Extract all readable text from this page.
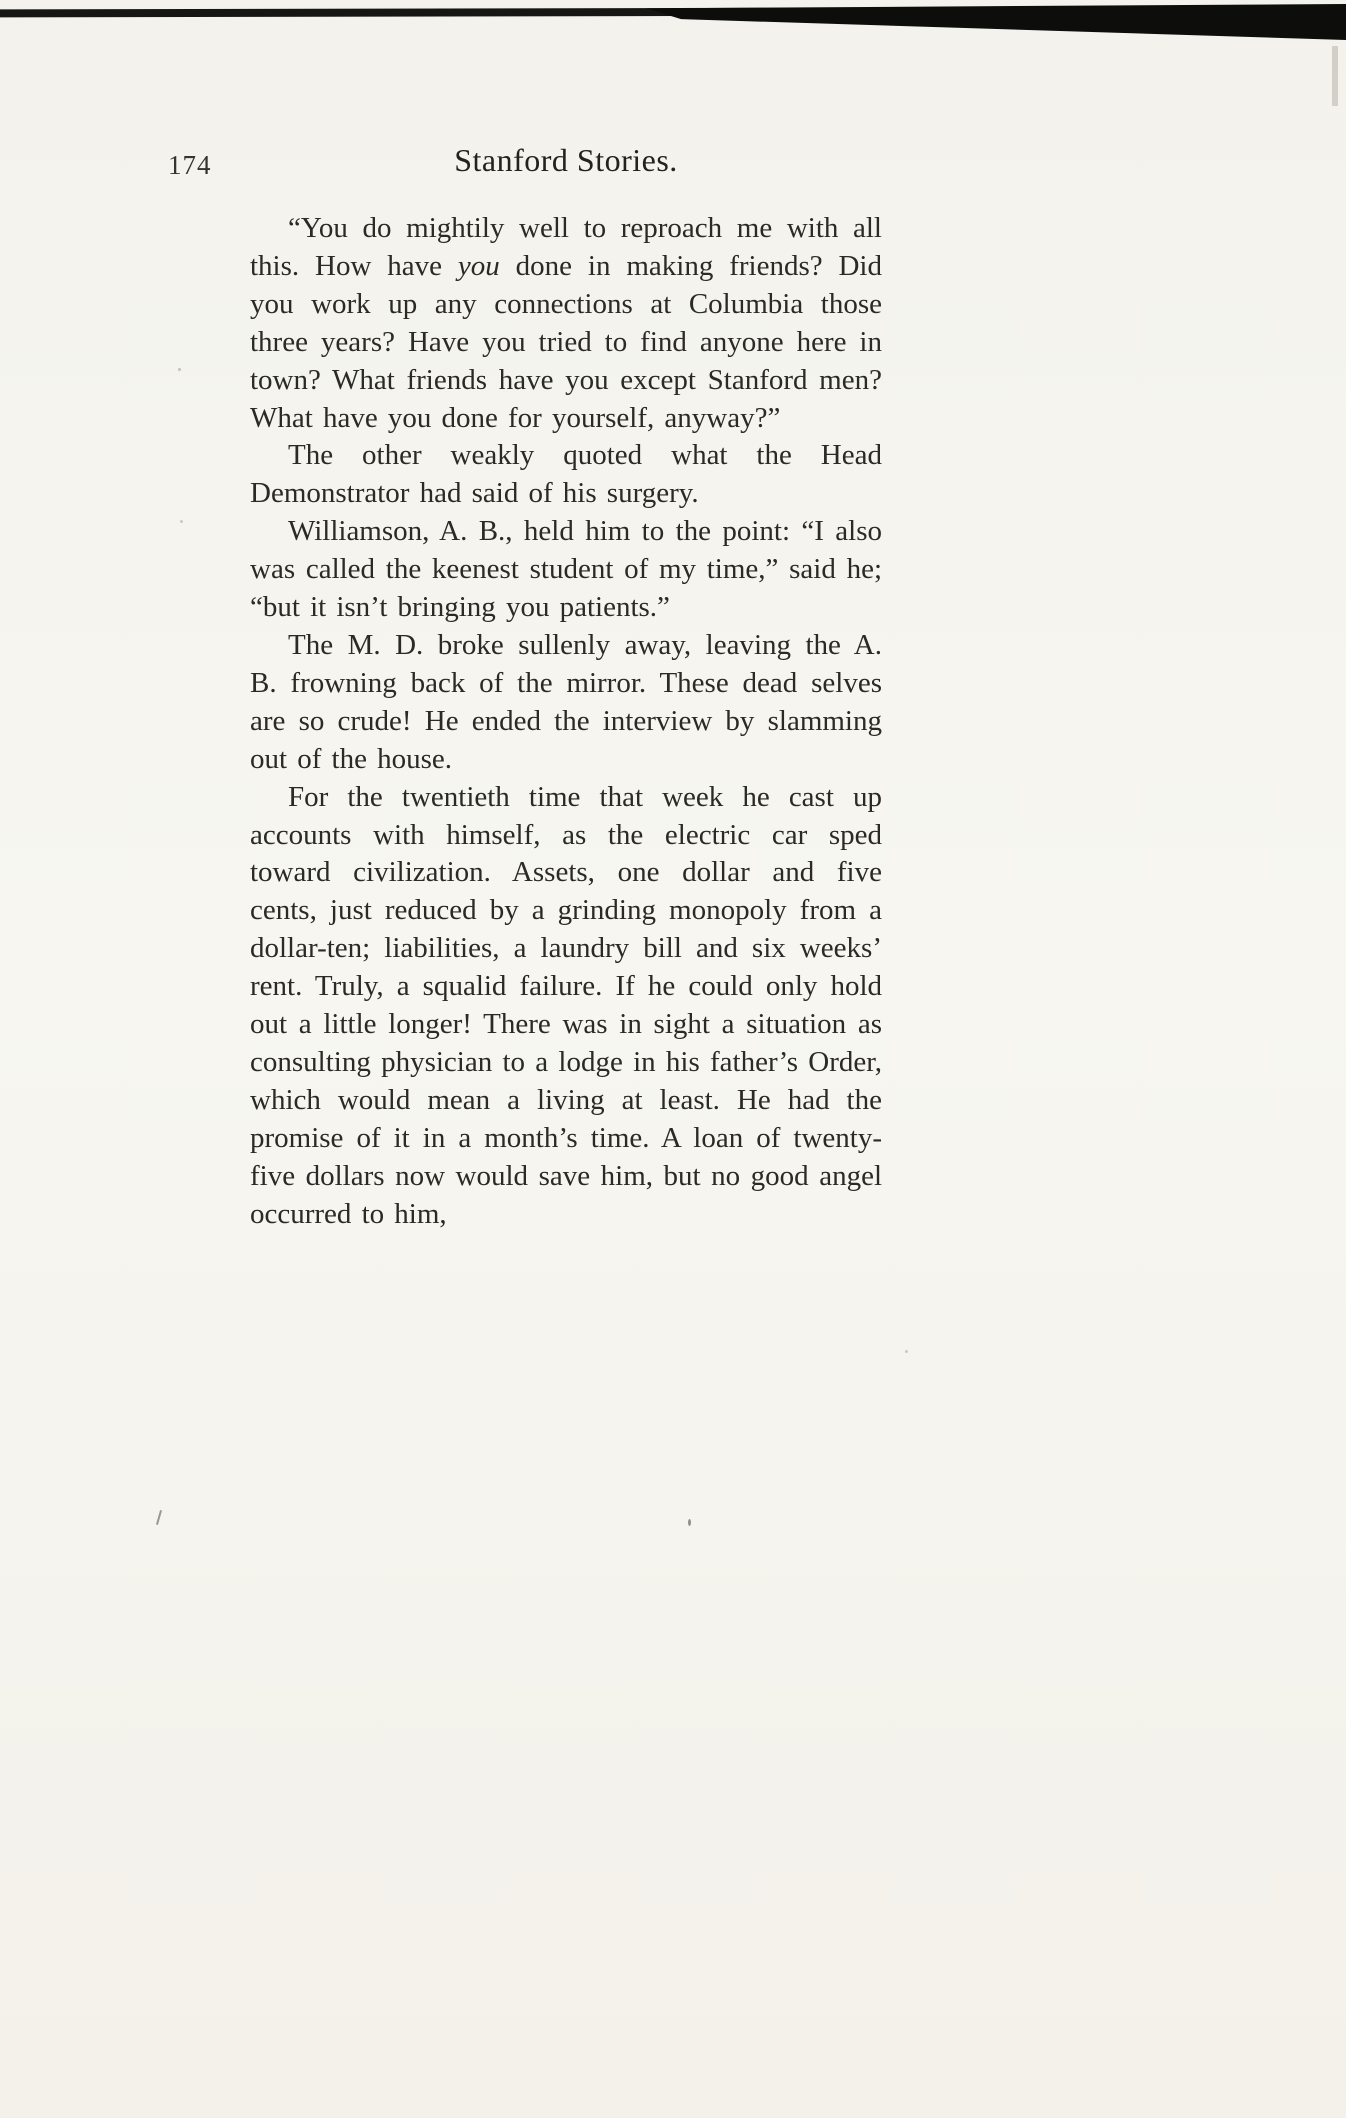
174	Stanford Stories.

“You do mightily well to reproach me with all this. How have you done in making friends? Did you work up any connections at Columbia those three years? Have you tried to find anyone here in town? What friends have you except Stanford men? What have you done for yourself, anyway?”

The other weakly quoted what the Head Demonstrator had said of his surgery.

Williamson, A. B., held him to the point: “I also was called the keenest student of my time,” said he; “but it isn’t bringing you patients.”

The M. D. broke sullenly away, leaving the A. B. frowning back of the mirror. These dead selves are so crude! He ended the interview by slamming out of the house.

For the twentieth time that week he cast up accounts with himself, as the electric car sped toward civilization. Assets, one dollar and five cents, just reduced by a grinding monopoly from a dollar-ten; liabilities, a laundry bill and six weeks’ rent. Truly, a squalid failure. If he could only hold out a little longer! There was in sight a situation as consulting physician to a lodge in his father’s Order, which would mean a living at least. He had the promise of it in a month’s time. A loan of twenty-five dollars now would save him, but no good angel occurred to him,
